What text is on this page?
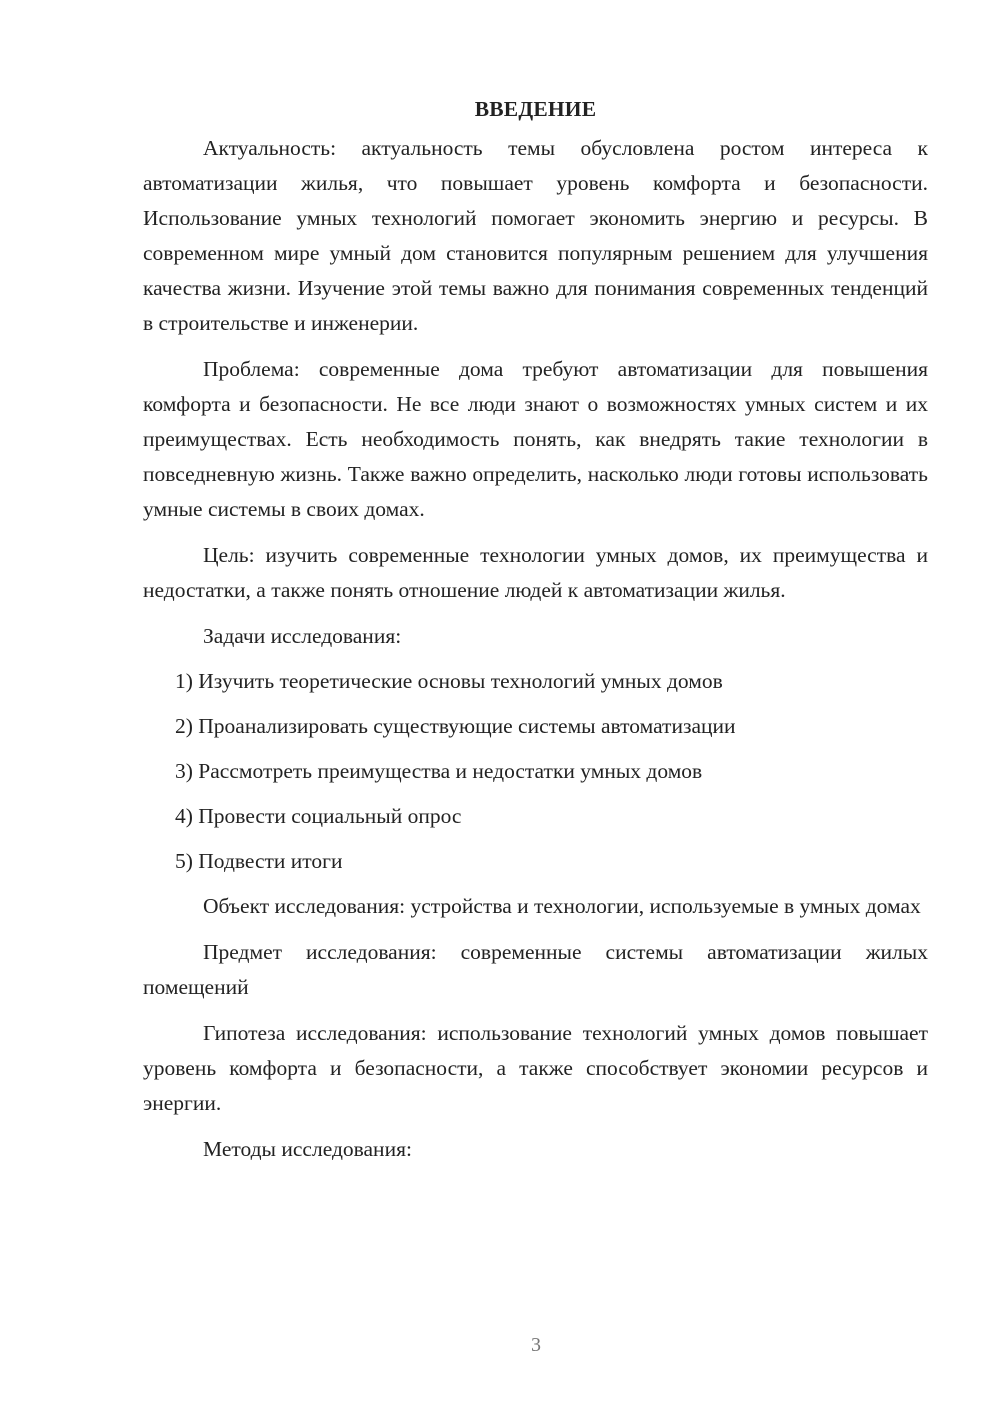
ВВЕДЕНИЕ

Актуальность: актуальность темы обусловлена ростом интереса к автоматизации жилья, что повышает уровень комфорта и безопасности. Использование умных технологий помогает экономить энергию и ресурсы. В современном мире умный дом становится популярным решением для улучшения качества жизни. Изучение этой темы важно для понимания современных тенденций в строительстве и инженерии.

Проблема: современные дома требуют автоматизации для повышения комфорта и безопасности. Не все люди знают о возможностях умных систем и их преимуществах. Есть необходимость понять, как внедрять такие технологии в повседневную жизнь. Также важно определить, насколько люди готовы использовать умные системы в своих домах.

Цель: изучить современные технологии умных домов, их преимущества и недостатки, а также понять отношение людей к автоматизации жилья.

Задачи исследования:

1) Изучить теоретические основы технологий умных домов
2) Проанализировать существующие системы автоматизации
3) Рассмотреть преимущества и недостатки умных домов
4) Провести социальный опрос
5) Подвести итоги

Объект исследования: устройства и технологии, используемые в умных домах

Предмет исследования: современные системы автоматизации жилых помещений

Гипотеза исследования: использование технологий умных домов повышает уровень комфорта и безопасности, а также способствует экономии ресурсов и энергии.

Методы исследования:

3
